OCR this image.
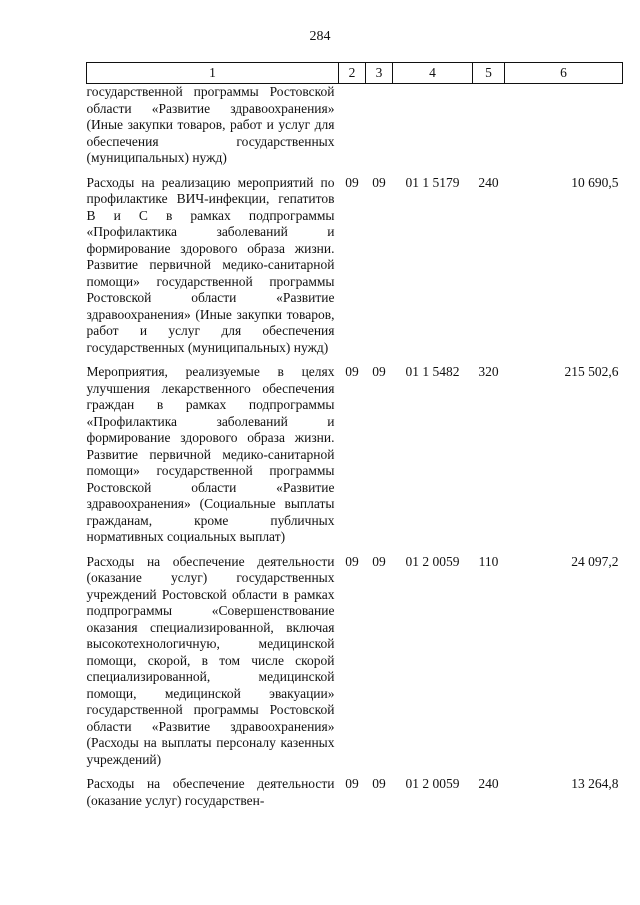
284
1	2	3	4	5	6
государственной программы Ростовской области «Развитие здравоохранения» (Иные закупки товаров, работ и услуг для обеспечения государственных (муниципальных) нужд)					
Расходы на реализацию мероприятий по профилактике ВИЧ-инфекции, гепатитов В и С в рамках подпрограммы «Профилактика заболеваний и формирование здорового образа жизни. Развитие первичной медико-санитарной помощи» государственной программы Ростовской области «Развитие здравоохранения» (Иные закупки товаров, работ и услуг для обеспечения государственных (муниципальных) нужд)	09	09	01 1 5179	240	10 690,5
Мероприятия, реализуемые в целях улучшения лекарственного обеспечения граждан в рамках подпрограммы «Профилактика заболеваний и формирование здорового образа жизни. Развитие первичной медико-санитарной помощи» государственной программы Ростовской области «Развитие здравоохранения» (Социальные выплаты гражданам, кроме публичных нормативных социальных выплат)	09	09	01 1 5482	320	215 502,6
Расходы на обеспечение деятельности (оказание услуг) государственных учреждений Ростовской области в рамках подпрограммы «Совершенствование оказания специализированной, включая высокотехнологичную, медицинской помощи, скорой, в том числе скорой специализированной, медицинской помощи, медицинской эвакуации» государственной программы Ростовской области «Развитие здравоохранения» (Расходы на выплаты персоналу казенных учреждений)	09	09	01 2 0059	110	24 097,2
Расходы на обеспечение деятельности (оказание услуг) государствен-	09	09	01 2 0059	240	13 264,8
